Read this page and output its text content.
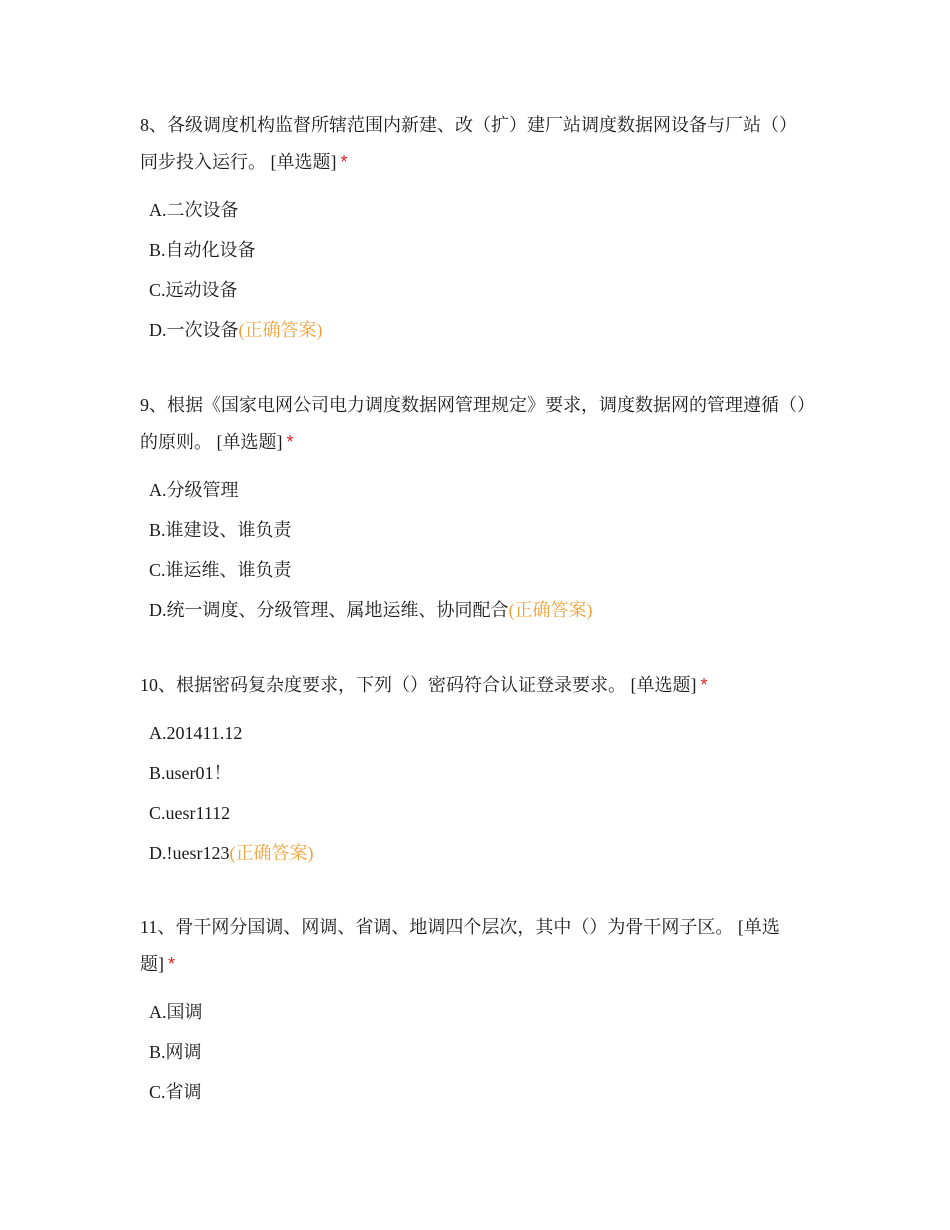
8、各级调度机构监督所辖范围内新建、改（扩）建厂站调度数据网设备与厂站（）同步投入运行。 [单选题] *

A.二次设备
B.自动化设备
C.远动设备
D.一次设备(正确答案)

9、根据《国家电网公司电力调度数据网管理规定》要求，调度数据网的管理遵循（）的原则。 [单选题] *

A.分级管理
B.谁建设、谁负责
C.谁运维、谁负责
D.统一调度、分级管理、属地运维、协同配合(正确答案)

10、根据密码复杂度要求，下列（）密码符合认证登录要求。 [单选题] *

A.201411.12
B.user01！
C.uesr1112
D.!uesr123(正确答案)

11、骨干网分国调、网调、省调、地调四个层次，其中（）为骨干网子区。 [单选题] *

A.国调
B.网调
C.省调
